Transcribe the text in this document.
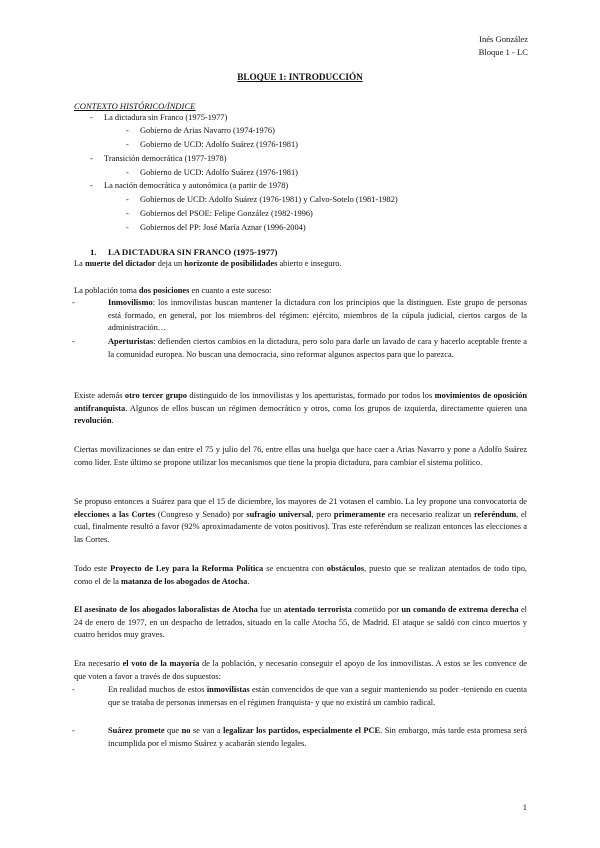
Inés González
Bloque 1 - LC
BLOQUE 1: INTRODUCCIÓN
CONTEXTO HISTÓRICO/ÍNDICE
- La dictadura sin Franco (1975-1977)
- Gobierno de Arias Navarro (1974-1976)
- Gobierno de UCD: Adolfo Suárez (1976-1981)
- Transición democrática (1977-1978)
- Gobierno de UCD: Adolfo Suárez (1976-1981)
- La nación democrática y autonómica (a partir de 1978)
- Gobiernos de UCD: Adolfo Suárez (1976-1981) y Calvo-Sotelo (1981-1982)
- Gobiernos del PSOE: Felipe González (1982-1996)
- Gobiernos del PP: José María Aznar (1996-2004)
1. LA DICTADURA SIN FRANCO (1975-1977)
La muerte del dictador deja un horizonte de posibilidades abierto e inseguro.
La población toma dos posiciones en cuanto a este suceso:
-	Inmovilismo: los inmovilistas buscan mantener la dictadura con los principios que la distinguen. Este grupo de personas está formado, en general, por los miembros del régimen: ejército, miembros de la cúpula judicial, ciertos cargos de la administración…
-	Aperturistas: defienden ciertos cambios en la dictadura, pero solo para darle un lavado de cara y hacerlo aceptable frente a la comunidad europea. No buscan una democracia, sino reformar algunos aspectos para que lo parezca.
Existe además otro tercer grupo distinguido de los inmovilistas y los aperturistas, formado por todos los movimientos de oposición antifranquista. Algunos de ellos buscan un régimen democrático y otros, como los grupos de izquierda, directamente quieren una revolución.
Ciertas movilizaciones se dan entre el 75 y julio del 76, entre ellas una huelga que hace caer a Arias Navarro y pone a Adolfo Suárez como líder. Este último se propone utilizar los mecanismos que tiene la propia dictadura, para cambiar el sistema político.
Se propuso entonces a Suárez para que el 15 de diciembre, los mayores de 21 votasen el cambio. La ley propone una convocatoria de elecciones a las Cortes (Congreso y Senado) por sufragio universal, pero primeramente era necesario realizar un referéndum, el cual, finalmente resultó a favor (92% aproximadamente de votos positivos). Tras este referéndum se realizan entonces las elecciones a las Cortes.
Todo este Proyecto de Ley para la Reforma Política se encuentra con obstáculos, puesto que se realizan atentados de todo tipo, como el de la matanza de los abogados de Atocha.
El asesinato de los abogados laboralistas de Atocha fue un atentado terrorista cometido por un comando de extrema derecha el 24 de enero de 1977, en un despacho de letrados, situado en la calle Atocha 55, de Madrid. El ataque se saldó con cinco muertos y cuatro heridos muy graves.
Era necesario el voto de la mayoría de la población, y necesario conseguir el apoyo de los inmovilistas. A estos se les convence de que voten a favor a través de dos supuestos:
-	En realidad muchos de estos inmovilistas están convencidos de que van a seguir manteniendo su poder -teniendo en cuenta que se trataba de personas inmersas en el régimen franquista- y que no existirá un cambio radical.
-	Suárez promete que no se van a legalizar los partidos, especialmente el PCE. Sin embargo, más tarde esta promesa será incumplida por el mismo Suárez y acabarán siendo legales.
1
